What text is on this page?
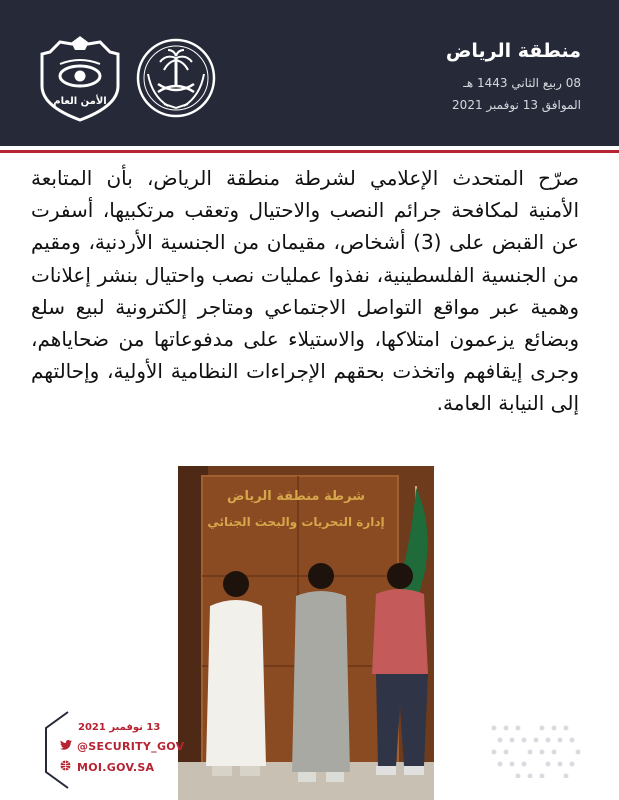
الأمن العام
منطقة الرياض
08 ربيع الثاني 1443 هـ
الموافق 13 نوفمبر 2021

صرّح المتحدث الإعلامي لشرطة منطقة الرياض، بأن المتابعة الأمنية لمكافحة جرائم النصب والاحتيال وتعقب مرتكبيها، أسفرت عن القبض على (3) أشخاص، مقيمان من الجنسية الأردنية، ومقيم من الجنسية الفلسطينية، نفذوا عمليات نصب واحتيال بنشر إعلانات وهمية عبر مواقع التواصل الاجتماعي ومتاجر إلكترونية لبيع سلع وبضائع يزعمون امتلاكها، والاستيلاء على مدفوعاتها من ضحاياهم، وجرى إيقافهم واتخذت بحقهم الإجراءات النظامية الأولية، وإحالتهم إلى النيابة العامة.

شرطة منطقة الرياض
إدارة التحريات والبحث الجنائي
13 نوفمبر 2021
@SECURITY_GOV
MOI.GOV.SA
